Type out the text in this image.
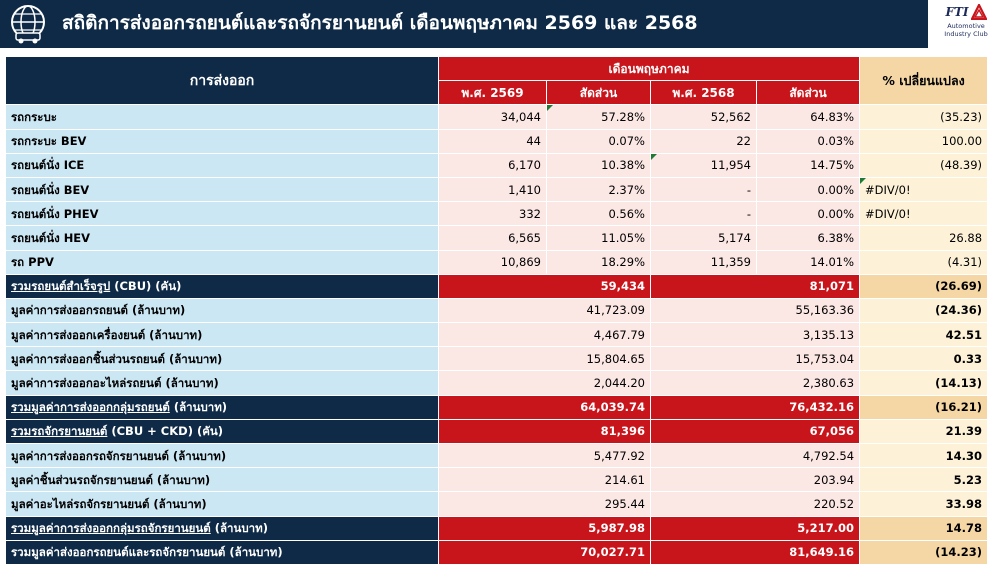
สถิติการส่งออกรถยนต์และรถจักรยานยนต์ เดือนพฤษภาคม 2569 และ 2568	FTI
Automotive
Industry Club
การส่งออก	เดือนพฤษภาคม				% เปลี่ยนแปลง
	พ.ศ. 2569	สัดส่วน	พ.ศ. 2568	สัดส่วน	
รถกระบะ	34,044	57.28%	52,562	64.83%	(35.23)
รถกระบะ BEV	44	0.07%	22	0.03%	100.00
รถยนต์นั่ง ICE	6,170	10.38%	11,954	14.75%	(48.39)
รถยนต์นั่ง BEV	1,410	2.37%	-	0.00%	#DIV/0!
รถยนต์นั่ง PHEV	332	0.56%	-	0.00%	#DIV/0!
รถยนต์นั่ง HEV	6,565	11.05%	5,174	6.38%	26.88
รถ PPV	10,869	18.29%	11,359	14.01%	(4.31)
รวมรถยนต์สำเร็จรูป (CBU) (คัน)	59,434		81,071		(26.69)
มูลค่าการส่งออกรถยนต์ (ล้านบาท)	41,723.09		55,163.36		(24.36)
มูลค่าการส่งออกเครื่องยนต์ (ล้านบาท)	4,467.79		3,135.13		42.51
มูลค่าการส่งออกชิ้นส่วนรถยนต์ (ล้านบาท)	15,804.65		15,753.04		0.33
มูลค่าการส่งออกอะไหล่รถยนต์ (ล้านบาท)	2,044.20		2,380.63		(14.13)
รวมมูลค่าการส่งออกกลุ่มรถยนต์ (ล้านบาท)	64,039.74		76,432.16		(16.21)
รวมรถจักรยานยนต์ (CBU + CKD) (คัน)	81,396		67,056		21.39
มูลค่าการส่งออกรถจักรยานยนต์ (ล้านบาท)	5,477.92		4,792.54		14.30
มูลค่าชิ้นส่วนรถจักรยานยนต์ (ล้านบาท)	214.61		203.94		5.23
มูลค่าอะไหล่รถจักรยานยนต์ (ล้านบาท)	295.44		220.52		33.98
รวมมูลค่าการส่งออกกลุ่มรถจักรยานยนต์ (ล้านบาท)	5,987.98		5,217.00		14.78
รวมมูลค่าส่งออกรถยนต์และรถจักรยานยนต์ (ล้านบาท)	70,027.71		81,649.16		(14.23)
